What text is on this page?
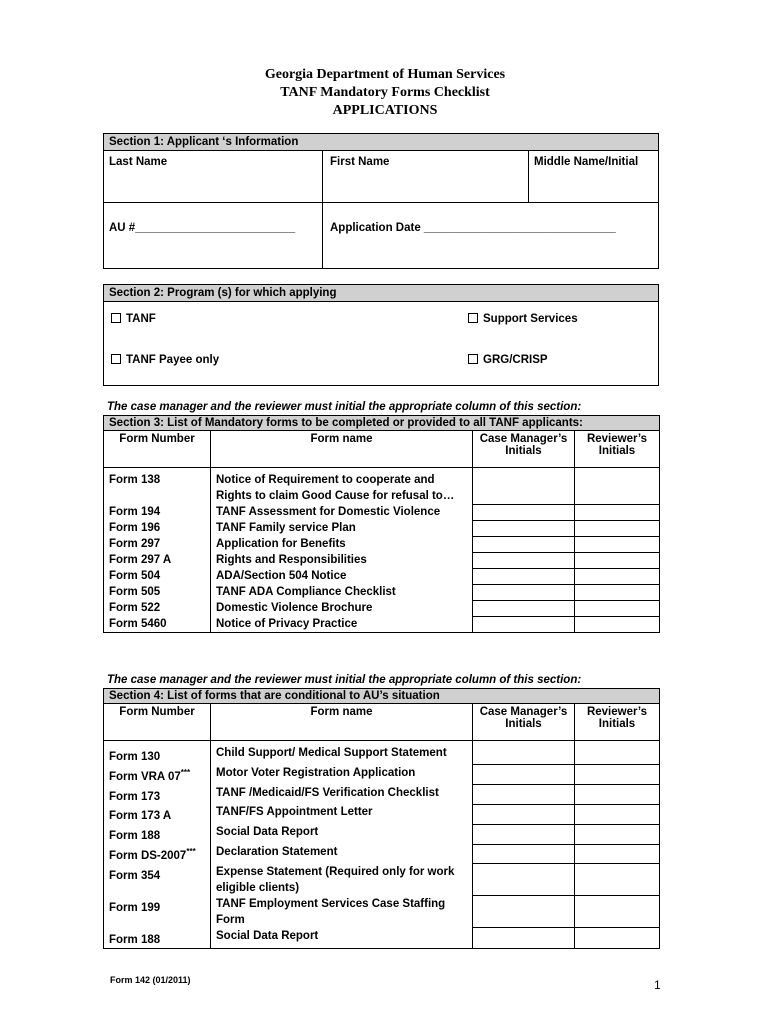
Georgia Department of Human Services
TANF Mandatory Forms Checklist
APPLICATIONS
Section 1: Applicant ‘s Information
Last Name	First Name	Middle Name/Initial
AU #_________________________	Application Date ______________________________
Section 2: Program (s) for which applying
TANF	Support Services
TANF Payee only	GRG/CRISP
The case manager and the reviewer must initial the appropriate column of this section:
Section 3: List of Mandatory forms to be completed or provided to all TANF applicants:			
Form Number	Form name	Case Manager’s Initials	Reviewer’s Initials
Form 138	Notice of Requirement to cooperate and Rights to claim Good Cause for refusal to…		
Form 194	TANF Assessment for Domestic Violence		
Form 196	TANF Family service Plan		
Form 297	Application for Benefits		
Form 297 A	Rights and Responsibilities		
Form 504	ADA/Section 504 Notice		
Form 505	TANF ADA Compliance Checklist		
Form 522	Domestic Violence Brochure		
Form 5460	Notice of Privacy Practice		
The case manager and the reviewer must initial the appropriate column of this section:
Section 4: List of forms that are conditional to AU’s situation			
Form Number	Form name	Case Manager’s Initials	Reviewer’s Initials
Form 130	Child Support/ Medical Support Statement		
Form VRA 07***	Motor Voter Registration Application		
Form 173	TANF /Medicaid/FS Verification Checklist		
Form 173 A	TANF/FS Appointment Letter		
Form 188	Social Data Report		
Form DS-2007***	Declaration Statement		
Form 354	Expense Statement (Required only for work eligible clients)		
Form 199	TANF Employment Services Case Staffing Form		
Form 188	Social Data Report		
Form 142 (01/2011)	1
